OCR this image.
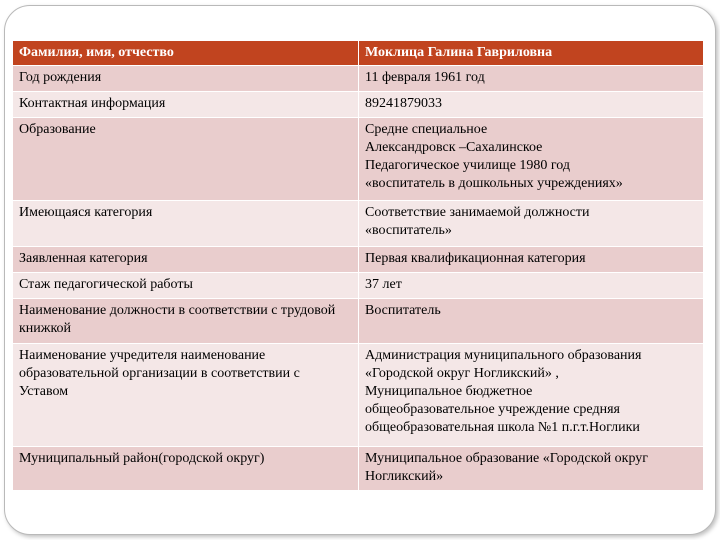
Фамилия, имя, отчество	Моклица Галина Гавриловна
Год рождения	11 февраля 1961 год
Контактная информация	89241879033
Образование	Средне специальное
Александровск –Сахалинское
Педагогическое училище 1980 год
«воспитатель в дошкольных учреждениях»
Имеющаяся категория	Соответствие занимаемой должности
«воспитатель»
Заявленная категория	Первая квалификационная категория
Стаж педагогической работы	37 лет
Наименование должности в соответствии с трудовой книжкой	Воспитатель
Наименование учредителя наименование образовательной организации в соответствии с Уставом	Администрация муниципального образования «Городской округ Ногликский» ,
Муниципальное бюджетное
общеобразовательное учреждение средняя
общеобразовательная школа №1 п.г.т.Ноглики
Муниципальный район(городской округ)	Муниципальное образование «Городской округ Ногликский»
